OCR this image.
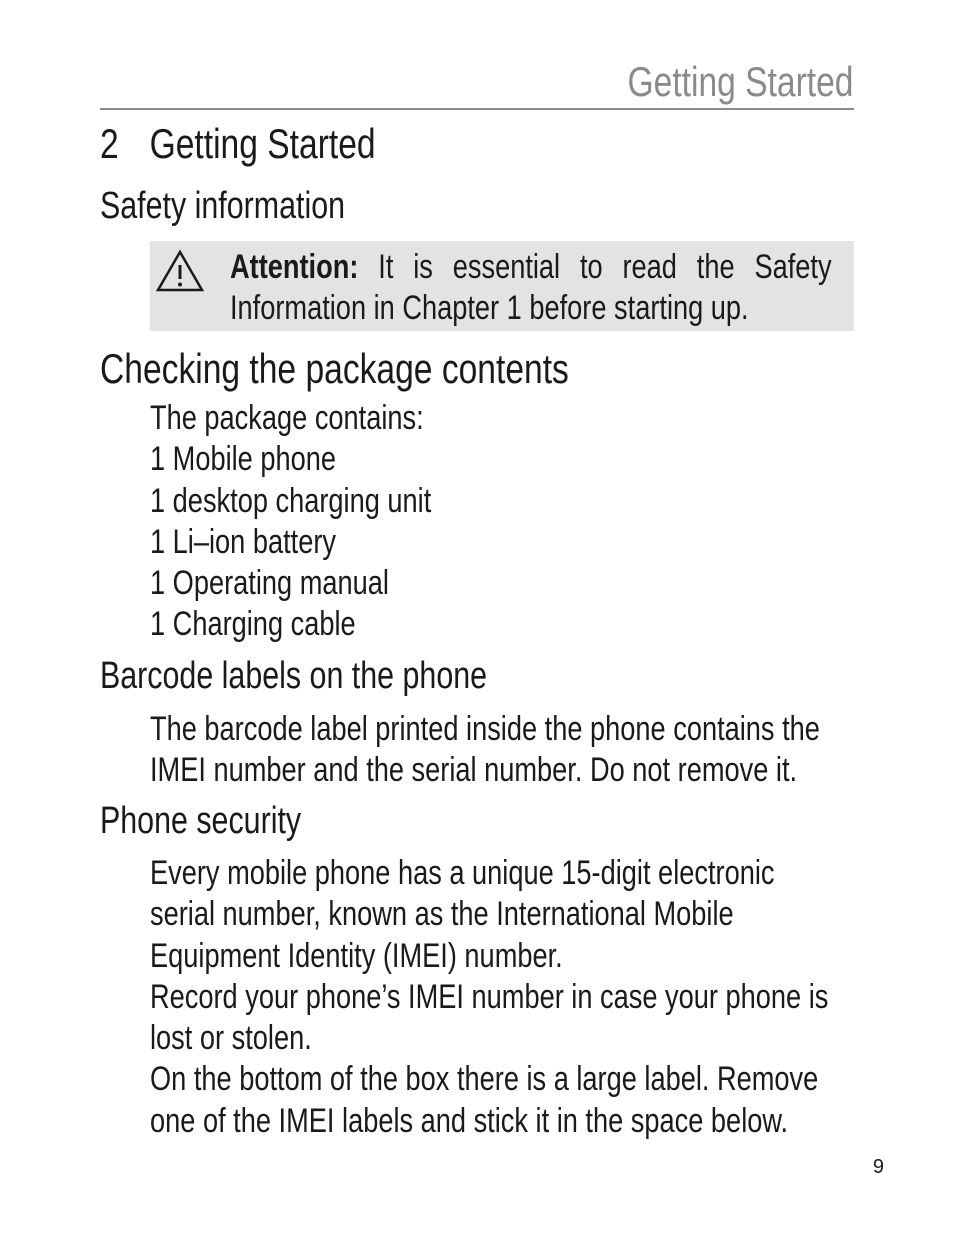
Getting Started
2 Getting Started
Safety information
Attention: It is essential to read the Safety
Information in Chapter 1 before starting up.
Checking the package contents
The package contains:
1 Mobile phone
1 desktop charging unit
1 Li–ion battery
1 Operating manual
1 Charging cable
Barcode labels on the phone
The barcode label printed inside the phone contains the
IMEI number and the serial number. Do not remove it.
Phone security
Every mobile phone has a unique 15-digit electronic
serial number, known as the International Mobile
Equipment Identity (IMEI) number.
Record your phone’s IMEI number in case your phone is
lost or stolen.
On the bottom of the box there is a large label. Remove
one of the IMEI labels and stick it in the space below.
9
